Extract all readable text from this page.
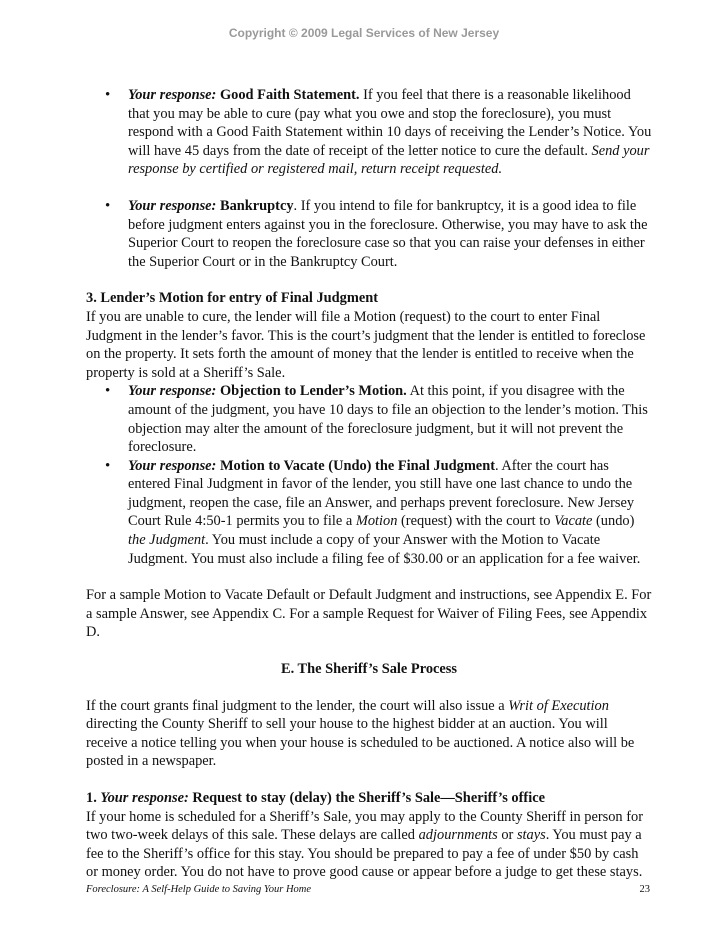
Copyright © 2009 Legal Services of New Jersey
• Your response: Good Faith Statement. If you feel that there is a reasonable likelihood that you may be able to cure (pay what you owe and stop the foreclosure), you must respond with a Good Faith Statement within 10 days of receiving the Lender’s Notice. You will have 45 days from the date of receipt of the letter notice to cure the default. Send your response by certified or registered mail, return receipt requested.
• Your response: Bankruptcy. If you intend to file for bankruptcy, it is a good idea to file before judgment enters against you in the foreclosure. Otherwise, you may have to ask the Superior Court to reopen the foreclosure case so that you can raise your defenses in either the Superior Court or in the Bankruptcy Court.

3. Lender’s Motion for entry of Final Judgment

If you are unable to cure, the lender will file a Motion (request) to the court to enter Final Judgment in the lender’s favor. This is the court’s judgment that the lender is entitled to foreclose on the property. It sets forth the amount of money that the lender is entitled to receive when the property is sold at a Sheriff’s Sale.

• Your response: Objection to Lender’s Motion. At this point, if you disagree with the amount of the judgment, you have 10 days to file an objection to the lender’s motion. This objection may alter the amount of the foreclosure judgment, but it will not prevent the foreclosure.
• Your response: Motion to Vacate (Undo) the Final Judgment. After the court has entered Final Judgment in favor of the lender, you still have one last chance to undo the judgment, reopen the case, file an Answer, and perhaps prevent foreclosure. New Jersey Court Rule 4:50-1 permits you to file a Motion (request) with the court to Vacate (undo) the Judgment. You must include a copy of your Answer with the Motion to Vacate Judgment. You must also include a filing fee of $30.00 or an application for a fee waiver.

For a sample Motion to Vacate Default or Default Judgment and instructions, see Appendix E. For a sample Answer, see Appendix C. For a sample Request for Waiver of Filing Fees, see Appendix D.

E. The Sheriff’s Sale Process

If the court grants final judgment to the lender, the court will also issue a Writ of Execution directing the County Sheriff to sell your house to the highest bidder at an auction. You will receive a notice telling you when your house is scheduled to be auctioned. A notice also will be posted in a newspaper.

1. Your response: Request to stay (delay) the Sheriff’s Sale—Sheriff’s office

If your home is scheduled for a Sheriff’s Sale, you may apply to the County Sheriff in person for two two-week delays of this sale. These delays are called adjournments or stays. You must pay a fee to the Sheriff’s office for this stay. You should be prepared to pay a fee of under $50 by cash or money order. You do not have to prove good cause or appear before a judge to get these stays.

Foreclosure: A Self-Help Guide to Saving Your Home	23
